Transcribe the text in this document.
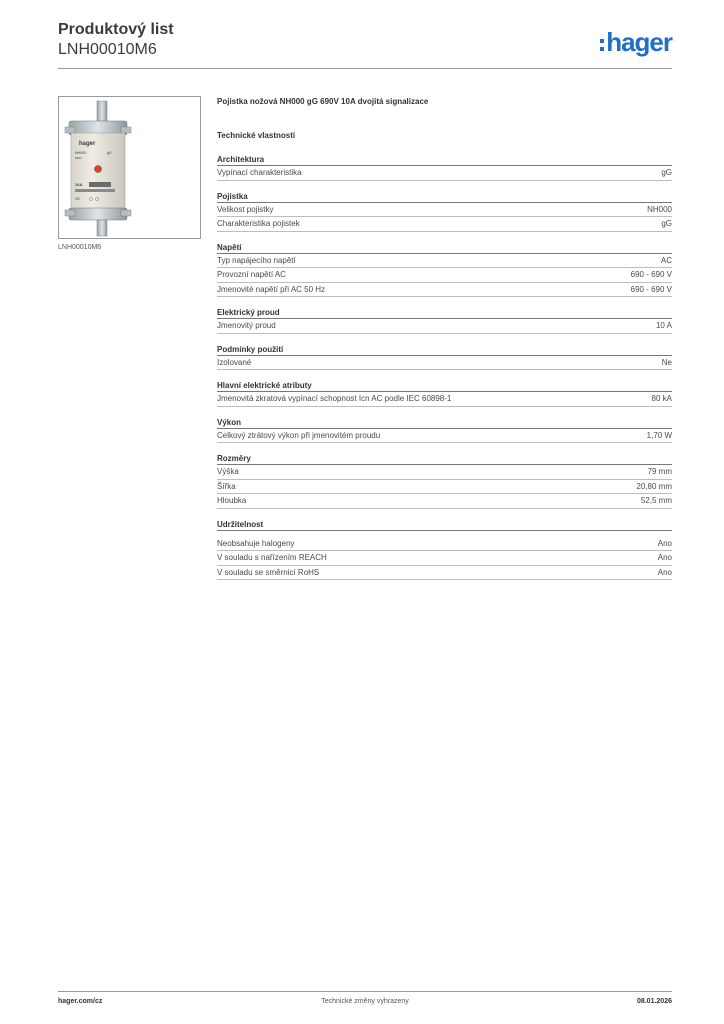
Produktový list
LNH00010M6	hager
hager
NH000	gG
690V
10A
CE
LNH00010M6
Pojistka nožová NH000 gG 690V 10A dvojitá signalizace
Technické vlastnosti
Architektura
Vypínací charakteristika	gG
Pojistka
Velikost pojistky	NH000
Charakteristika pojistek	gG
Napětí
Typ napájecího napětí	AC
Provozní napětí AC	690 - 690 V
Jmenovité napětí při AC 50 Hz	690 - 690 V
Elektrický proud
Jmenovitý proud	10 A
Podmínky použití
Izolované	Ne
Hlavní elektrické atributy
Jmenovitá zkratová vypínací schopnost Icn AC podle IEC 60898-1	80 kA
Výkon
Celkový ztrátový výkon při jmenovitém proudu	1,70 W
Rozměry
Výška	79 mm
Šířka	20,80 mm
Hloubka	52,5 mm
Udržitelnost
Neobsahuje halogeny	Ano
V souladu s nařízením REACH	Ano
V souladu se směrnicí RoHS	Ano
hager.com/cz	Technické změny vyhrazeny	08.01.2026
